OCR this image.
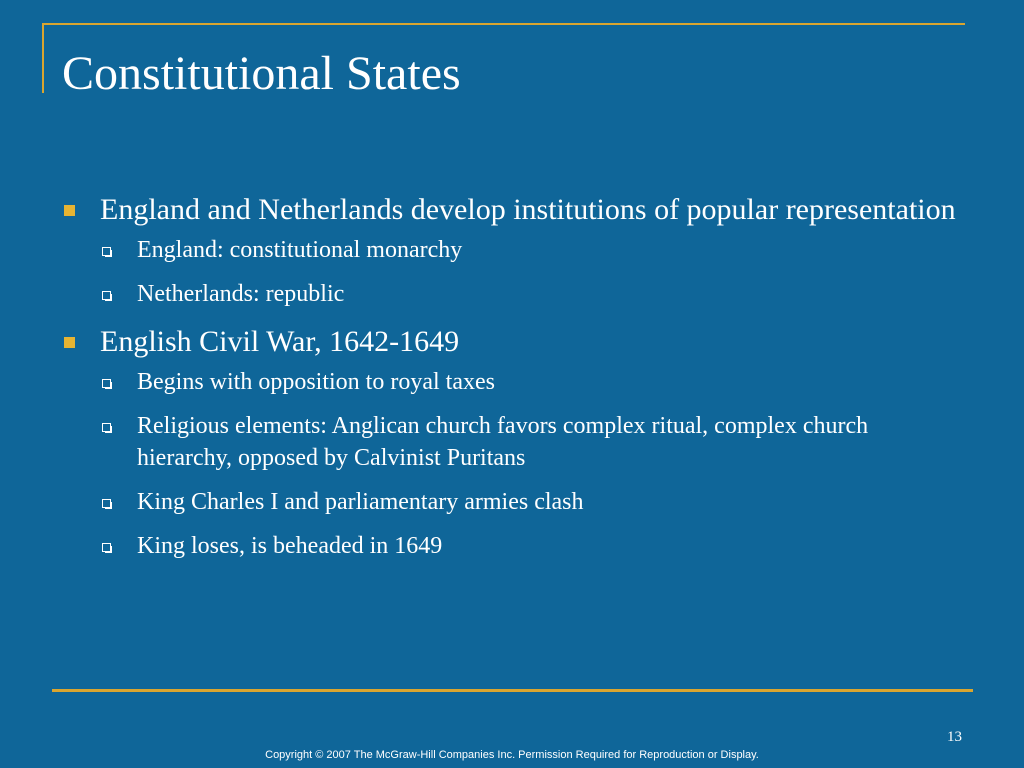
Constitutional States
England and Netherlands develop institutions of popular representation
England: constitutional monarchy
Netherlands: republic
English Civil War, 1642-1649
Begins with opposition to royal taxes
Religious elements: Anglican church favors complex ritual, complex church hierarchy, opposed by Calvinist Puritans
King Charles I and parliamentary armies clash
King loses, is beheaded in 1649
13
Copyright © 2007 The McGraw-Hill Companies Inc. Permission Required for Reproduction or Display.
